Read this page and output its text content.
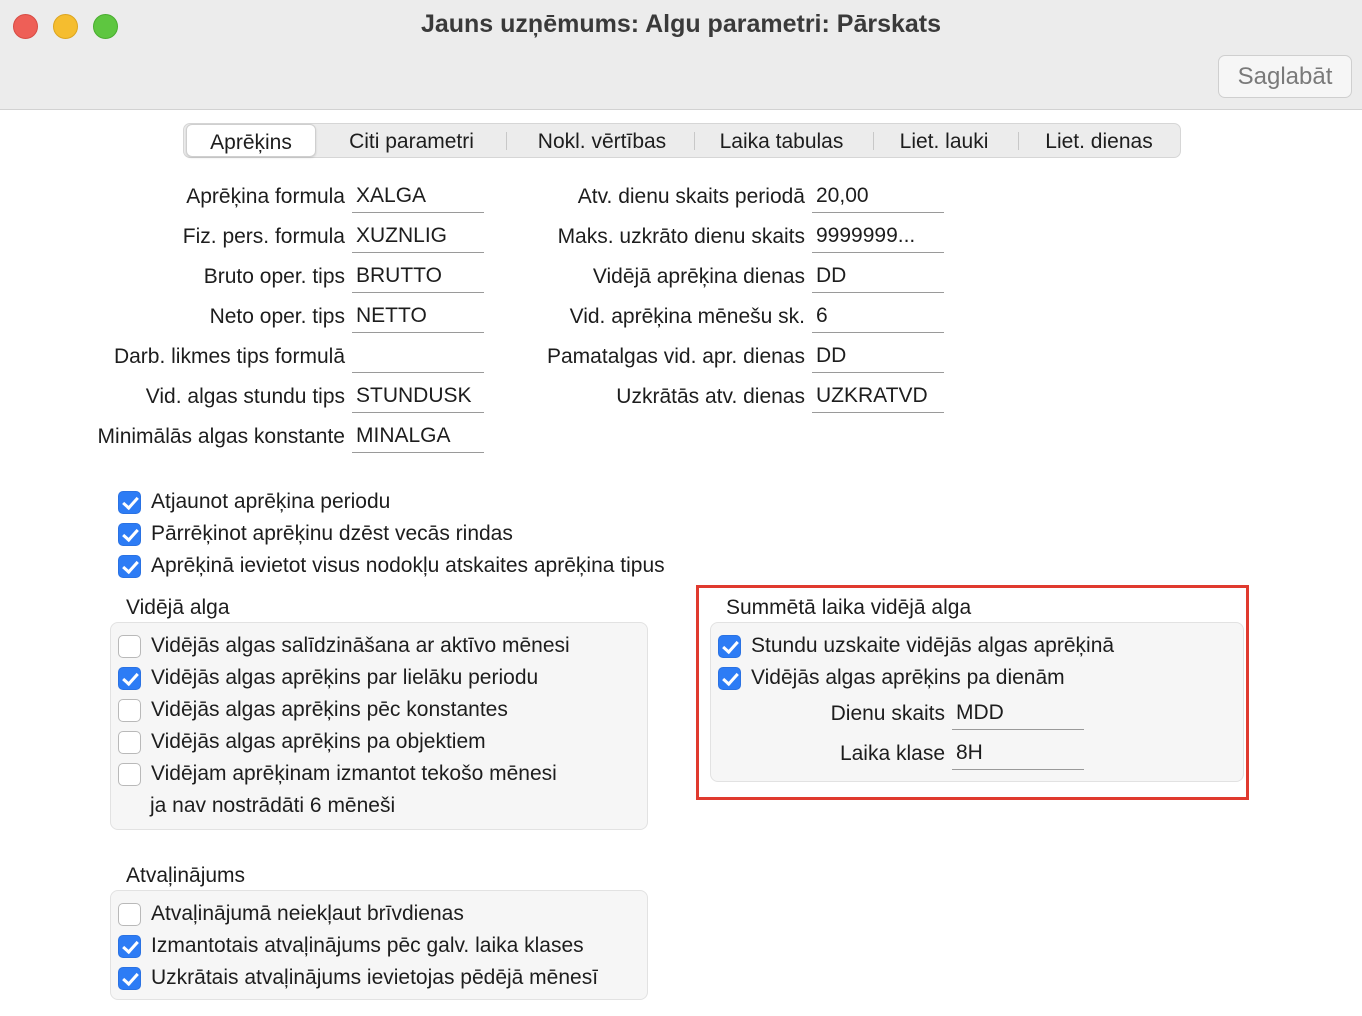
Jauns uzņēmums: Algu parametri: Pārskats
Saglabāt
Aprēķins	Citi parametri	Nokl. vērtības	Laika tabulas	Liet. lauki	Liet. dienas
Aprēķina formula XALGA
Fiz. pers. formula XUZNLIG
Bruto oper. tips BRUTTO
Neto oper. tips NETTO
Darb. likmes tips formulā
Vid. algas stundu tips STUNDUSK
Minimālās algas konstante MINALGA
Atv. dienu skaits periodā 20,00
Maks. uzkrāto dienu skaits 9999999...
Vidējā aprēķina dienas DD
Vid. aprēķina mēnešu sk. 6
Pamatalgas vid. apr. dienas DD
Uzkrātās atv. dienas UZKRATVD
Atjaunot aprēķina periodu
Pārrēķinot aprēķinu dzēst vecās rindas
Aprēķinā ievietot visus nodokļu atskaites aprēķina tipus
Vidējā alga
Vidējās algas salīdzināšana ar aktīvo mēnesi
Vidējās algas aprēķins par lielāku periodu
Vidējās algas aprēķins pēc konstantes
Vidējās algas aprēķins pa objektiem
Vidējam aprēķinam izmantot tekošo mēnesi
ja nav nostrādāti 6 mēneši
Summētā laika vidējā alga
Stundu uzskaite vidējās algas aprēķinā
Vidējās algas aprēķins pa dienām
Dienu skaits MDD
Laika klase 8H
Atvaļinājums
Atvaļinājumā neiekļaut brīvdienas
Izmantotais atvaļinājums pēc galv. laika klases
Uzkrātais atvaļinājums ievietojas pēdējā mēnesī
